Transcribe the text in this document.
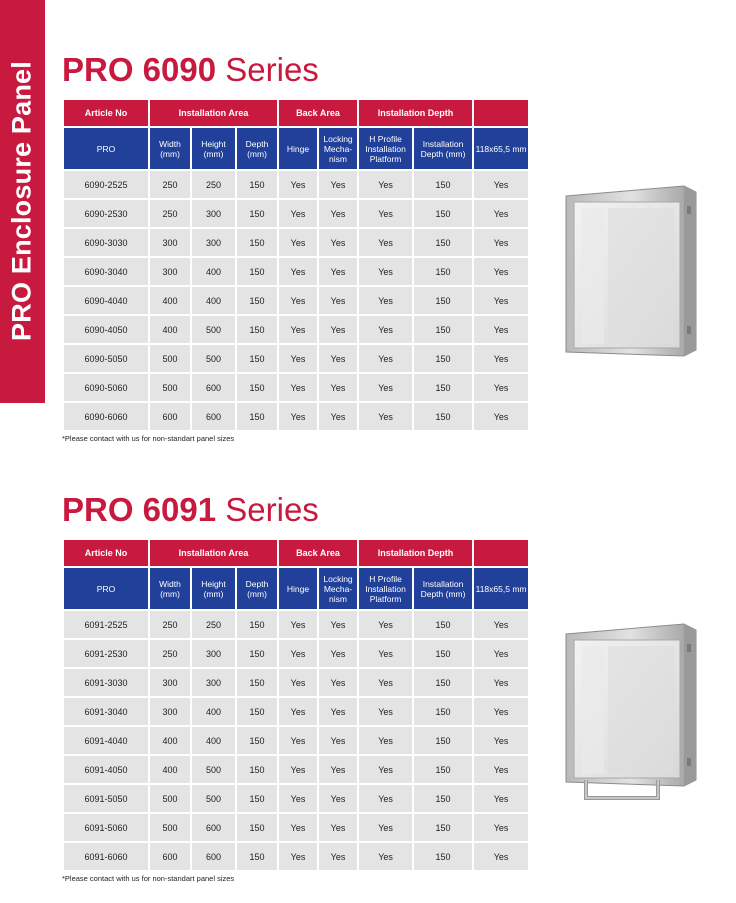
PRO Enclosure Panel PRO 6090 Series
Article No	Installation Area			Back Area		Installation Depth		
PRO	Width (mm)	Height (mm)	Depth (mm)	Hinge	Locking Mecha- nism	H Profile Installation Platform	Installation Depth (mm)	118x65,5 mm
6090-2525	250	250	150	Yes	Yes	Yes	150	Yes
6090-2530	250	300	150	Yes	Yes	Yes	150	Yes
6090-3030	300	300	150	Yes	Yes	Yes	150	Yes
6090-3040	300	400	150	Yes	Yes	Yes	150	Yes
6090-4040	400	400	150	Yes	Yes	Yes	150	Yes
6090-4050	400	500	150	Yes	Yes	Yes	150	Yes
6090-5050	500	500	150	Yes	Yes	Yes	150	Yes
6090-5060	500	600	150	Yes	Yes	Yes	150	Yes
6090-6060	600	600	150	Yes	Yes	Yes	150	Yes
*Please contact with us for non-standart panel sizes
PRO 6091 Series
Article No	Installation Area			Back Area		Installation Depth		
PRO	Width (mm)	Height (mm)	Depth (mm)	Hinge	Locking Mecha- nism	H Profile Installation Platform	Installation Depth (mm)	118x65,5 mm
6091-2525	250	250	150	Yes	Yes	Yes	150	Yes
6091-2530	250	300	150	Yes	Yes	Yes	150	Yes
6091-3030	300	300	150	Yes	Yes	Yes	150	Yes
6091-3040	300	400	150	Yes	Yes	Yes	150	Yes
6091-4040	400	400	150	Yes	Yes	Yes	150	Yes
6091-4050	400	500	150	Yes	Yes	Yes	150	Yes
6091-5050	500	500	150	Yes	Yes	Yes	150	Yes
6091-5060	500	600	150	Yes	Yes	Yes	150	Yes
6091-6060	600	600	150	Yes	Yes	Yes	150	Yes
*Please contact with us for non-standart panel sizes
